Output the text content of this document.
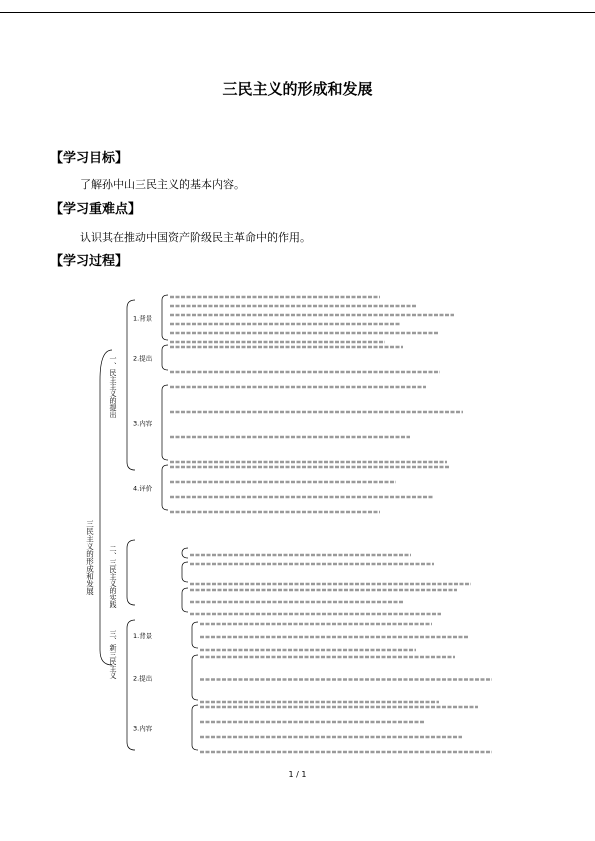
三民主义的形成和发展
【学习目标】
了解孙中山三民主义的基本内容。
【学习重难点】
认识其在推动中国资产阶级民主革命中的作用。
【学习过程】
三民主义的形成和发展
一、民主主义的提出
1.背景
2.提出
3.内容
4.评价
二、三民主义的实践
三、新三民主义 1.背景
2.提出
3.内容
1 / 1
